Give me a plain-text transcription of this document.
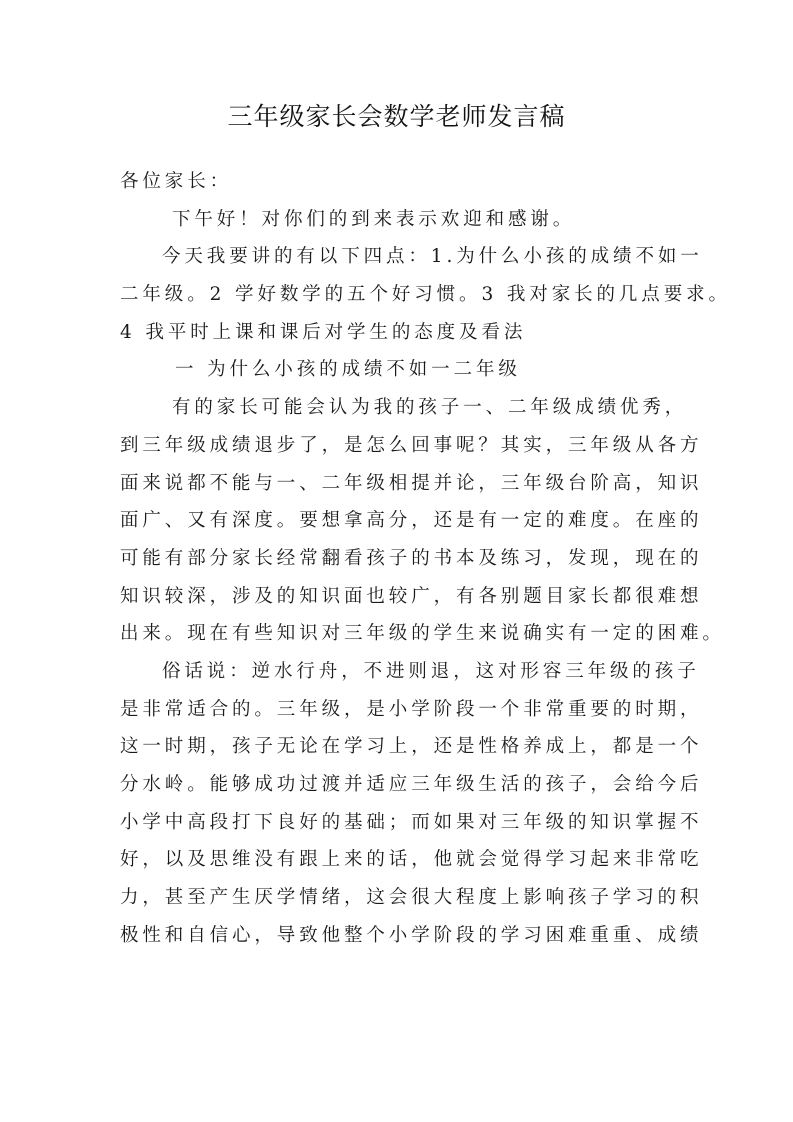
三年级家长会数学老师发言稿
各位家长：
下午好！对你们的到来表示欢迎和感谢。
今天我要讲的有以下四点：1.为什么小孩的成绩不如一
二年级。2 学好数学的五个好习惯。3 我对家长的几点要求。
4 我平时上课和课后对学生的态度及看法
一 为什么小孩的成绩不如一二年级
有的家长可能会认为我的孩子一、二年级成绩优秀，
到三年级成绩退步了，是怎么回事呢？其实，三年级从各方
面来说都不能与一、二年级相提并论，三年级台阶高，知识
面广、又有深度。要想拿高分，还是有一定的难度。在座的
可能有部分家长经常翻看孩子的书本及练习，发现，现在的
知识较深，涉及的知识面也较广，有各别题目家长都很难想
出来。现在有些知识对三年级的学生来说确实有一定的困难。
俗话说：逆水行舟，不进则退，这对形容三年级的孩子
是非常适合的。三年级，是小学阶段一个非常重要的时期，
这一时期，孩子无论在学习上，还是性格养成上，都是一个
分水岭。能够成功过渡并适应三年级生活的孩子，会给今后
小学中高段打下良好的基础；而如果对三年级的知识掌握不
好，以及思维没有跟上来的话，他就会觉得学习起来非常吃
力，甚至产生厌学情绪，这会很大程度上影响孩子学习的积
极性和自信心，导致他整个小学阶段的学习困难重重、成绩
